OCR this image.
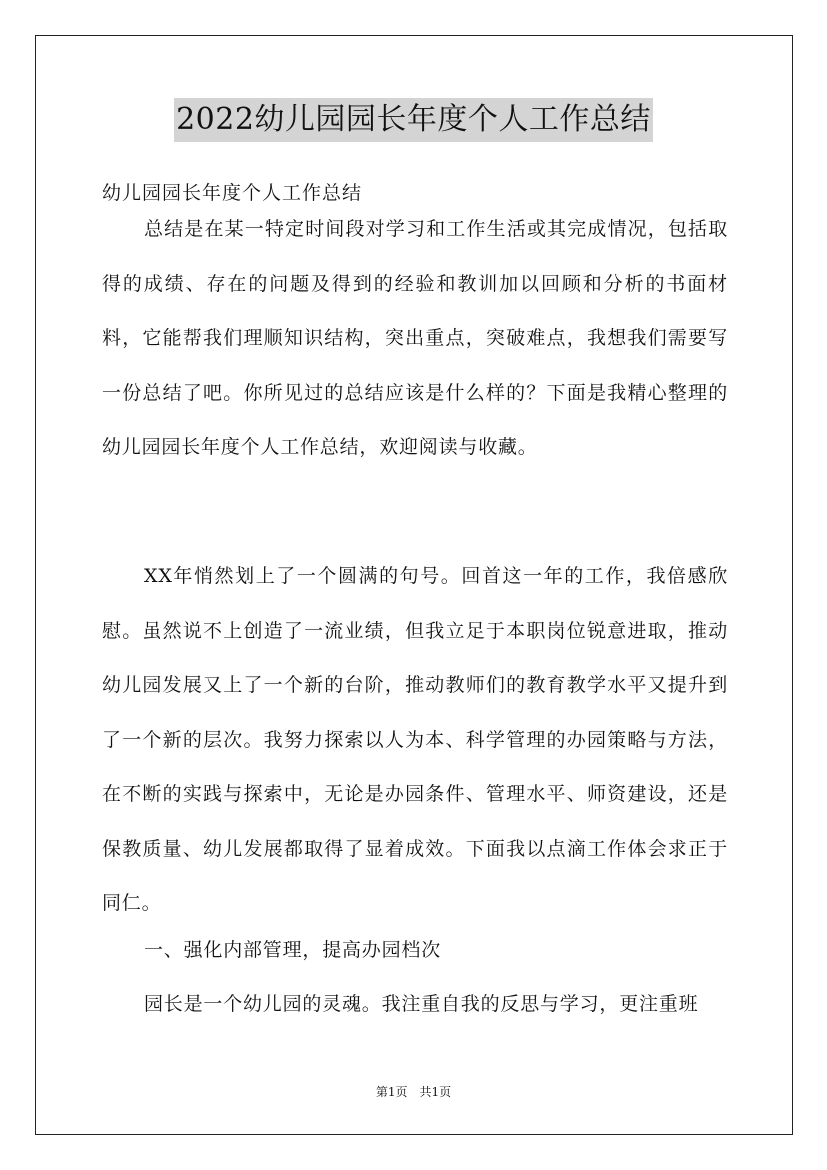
2022幼儿园园长年度个人工作总结
幼儿园园长年度个人工作总结

总结是在某一特定时间段对学习和工作生活或其完成情况，包括取得的成绩、存在的问题及得到的经验和教训加以回顾和分析的书面材料，它能帮我们理顺知识结构，突出重点，突破难点，我想我们需要写一份总结了吧。你所见过的总结应该是什么样的？下面是我精心整理的幼儿园园长年度个人工作总结，欢迎阅读与收藏。

XX年悄然划上了一个圆满的句号。回首这一年的工作，我倍感欣慰。虽然说不上创造了一流业绩，但我立足于本职岗位锐意进取，推动幼儿园发展又上了一个新的台阶，推动教师们的教育教学水平又提升到了一个新的层次。我努力探索以人为本、科学管理的办园策略与方法，在不断的实践与探索中，无论是办园条件、管理水平、师资建设，还是保教质量、幼儿发展都取得了显着成效。下面我以点滴工作体会求正于同仁。

一、强化内部管理，提高办园档次

园长是一个幼儿园的灵魂。我注重自我的反思与学习，更注重班

第1页　共1页
